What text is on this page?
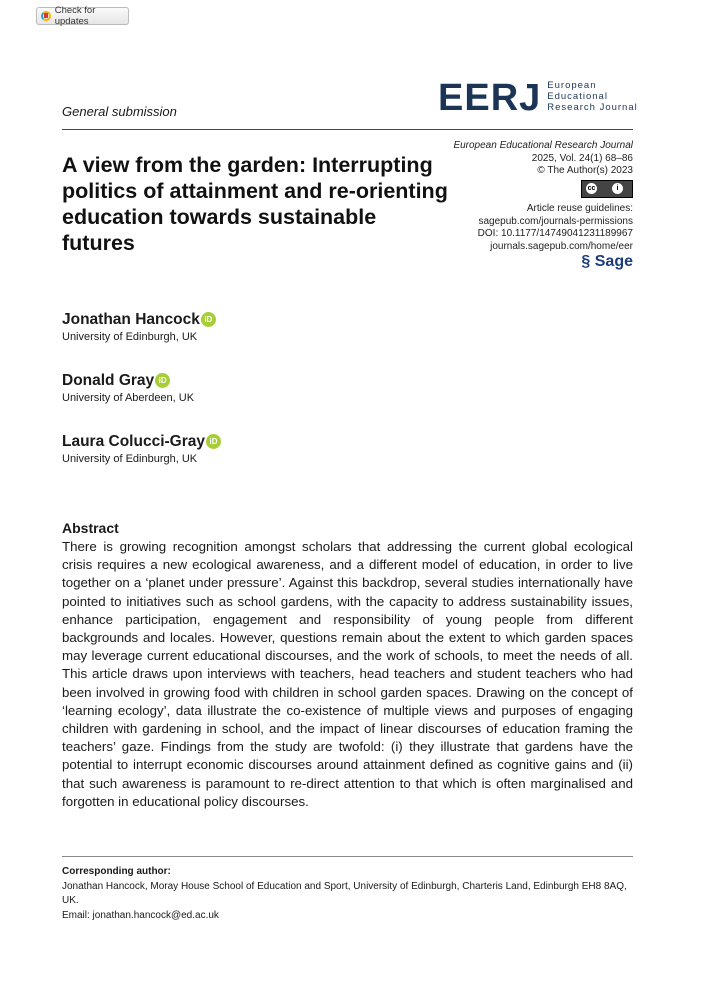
Check for updates
General submission	EERJ European
Educational
Research Journal
A view from the garden: Interrupting politics of attainment and re-orienting education towards sustainable futures
European Educational Research Journal
2025, Vol. 24(1) 68–86
© The Author(s) 2023
cc	i
Article reuse guidelines:
sagepub.com/journals-permissions
DOI: 10.1177/14749041231189967
journals.sagepub.com/home/eer
§ Sage
Jonathan Hancock iD
University of Edinburgh, UK
Donald Gray iD
University of Aberdeen, UK
Laura Colucci-Gray iD
University of Edinburgh, UK
Abstract
There is growing recognition amongst scholars that addressing the current global ecological crisis requires a new ecological awareness, and a different model of education, in order to live together on a ‘planet under pressure’. Against this backdrop, several studies internationally have pointed to initiatives such as school gardens, with the capacity to address sustainability issues, enhance participation, engagement and responsibility of young people from different backgrounds and locales. However, questions remain about the extent to which garden spaces may leverage current educational discourses, and the work of schools, to meet the needs of all. This article draws upon interviews with teachers, head teachers and student teachers who had been involved in growing food with children in school garden spaces. Drawing on the concept of ‘learning ecology’, data illustrate the co-existence of multiple views and purposes of engaging children with gardening in school, and the impact of linear discourses of education framing the teachers’ gaze. Findings from the study are twofold: (i) they illustrate that gardens have the potential to interrupt economic discourses around attainment defined as cognitive gains and (ii) that such awareness is paramount to re-direct attention to that which is often marginalised and forgotten in educational policy discourses.
Corresponding author:
Jonathan Hancock, Moray House School of Education and Sport, University of Edinburgh, Charteris Land, Edinburgh EH8 8AQ, UK.
Email: jonathan.hancock@ed.ac.uk
